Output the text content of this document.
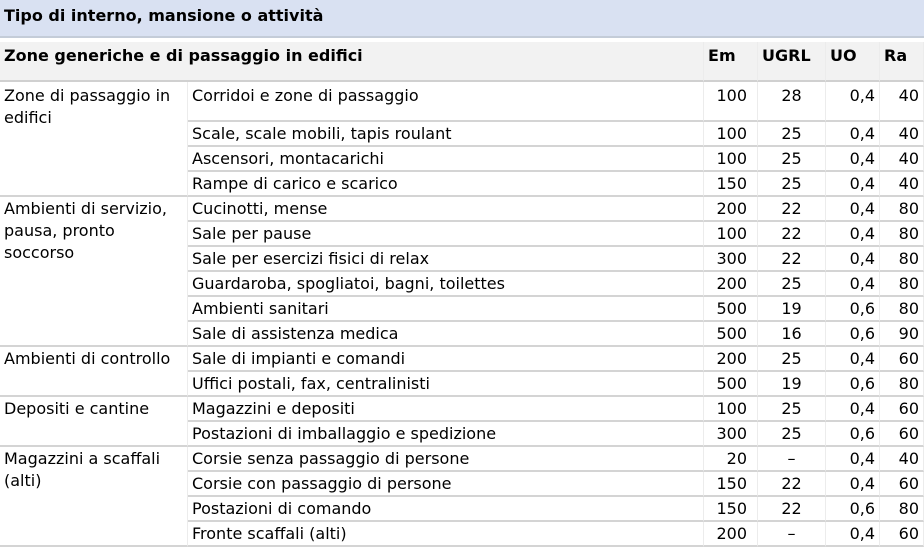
Tipo di interno, mansione o attività
Zone generiche e di passaggio in edifici		Em	UGRL	UO	Ra
Zone di passaggio in edifici	Corridoi e zone di passaggio	100	28	0,4	40
	Scale, scale mobili, tapis roulant	100	25	0,4	40
	Ascensori, montacarichi	100	25	0,4	40
	Rampe di carico e scarico	150	25	0,4	40
Ambienti di servizio, pausa, pronto soccorso	Cucinotti, mense	200	22	0,4	80
	Sale per pause	100	22	0,4	80
	Sale per esercizi fisici di relax	300	22	0,4	80
	Guardaroba, spogliatoi, bagni, toilettes	200	25	0,4	80
	Ambienti sanitari	500	19	0,6	80
	Sale di assistenza medica	500	16	0,6	90
Ambienti di controllo	Sale di impianti e comandi	200	25	0,4	60
	Uffici postali, fax, centralinisti	500	19	0,6	80
Depositi e cantine	Magazzini e depositi	100	25	0,4	60
	Postazioni di imballaggio e spedizione	300	25	0,6	60
Magazzini a scaffali (alti)	Corsie senza passaggio di persone	20	–	0,4	40
	Corsie con passaggio di persone	150	22	0,4	60
	Postazioni di comando	150	22	0,6	80
	Fronte scaffali (alti)	200	–	0,4	60
